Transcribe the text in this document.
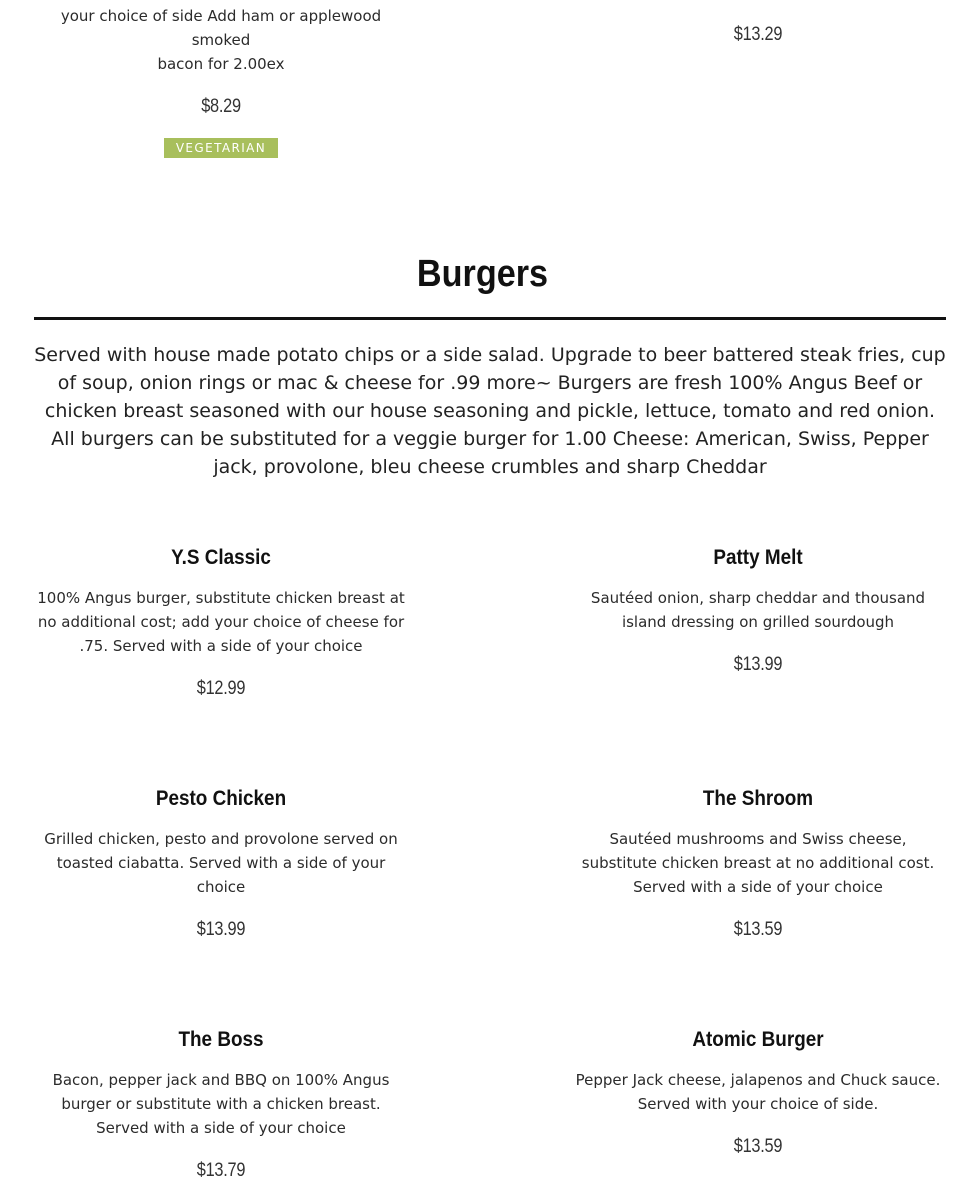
your choice of side Add ham or applewood smoked
bacon for 2.00ex

$8.29
VEGETARIAN
$13.29
Burgers

Served with house made potato chips or a side salad. Upgrade to beer battered steak fries, cup of soup, onion rings or mac & cheese for .99 more~ Burgers are fresh 100% Angus Beef or chicken breast seasoned with our house seasoning and pickle, lettuce, tomato and red onion. All burgers can be substituted for a veggie burger for 1.00 Cheese: American, Swiss, Pepper jack, provolone, bleu cheese crumbles and sharp Cheddar

Y.S Classic

100% Angus burger, substitute chicken breast at no additional cost; add your choice of cheese for .75. Served with a side of your choice

$12.99
Patty Melt

Sautéed onion, sharp cheddar and thousand island dressing on grilled sourdough

$13.99
Pesto Chicken

Grilled chicken, pesto and provolone served on toasted ciabatta. Served with a side of your choice

$13.99
The Shroom

Sautéed mushrooms and Swiss cheese, substitute chicken breast at no additional cost. Served with a side of your choice

$13.59
The Boss

Bacon, pepper jack and BBQ on 100% Angus burger or substitute with a chicken breast. Served with a side of your choice

$13.79
Atomic Burger

Pepper Jack cheese, jalapenos and Chuck sauce. Served with your choice of side.

$13.59
